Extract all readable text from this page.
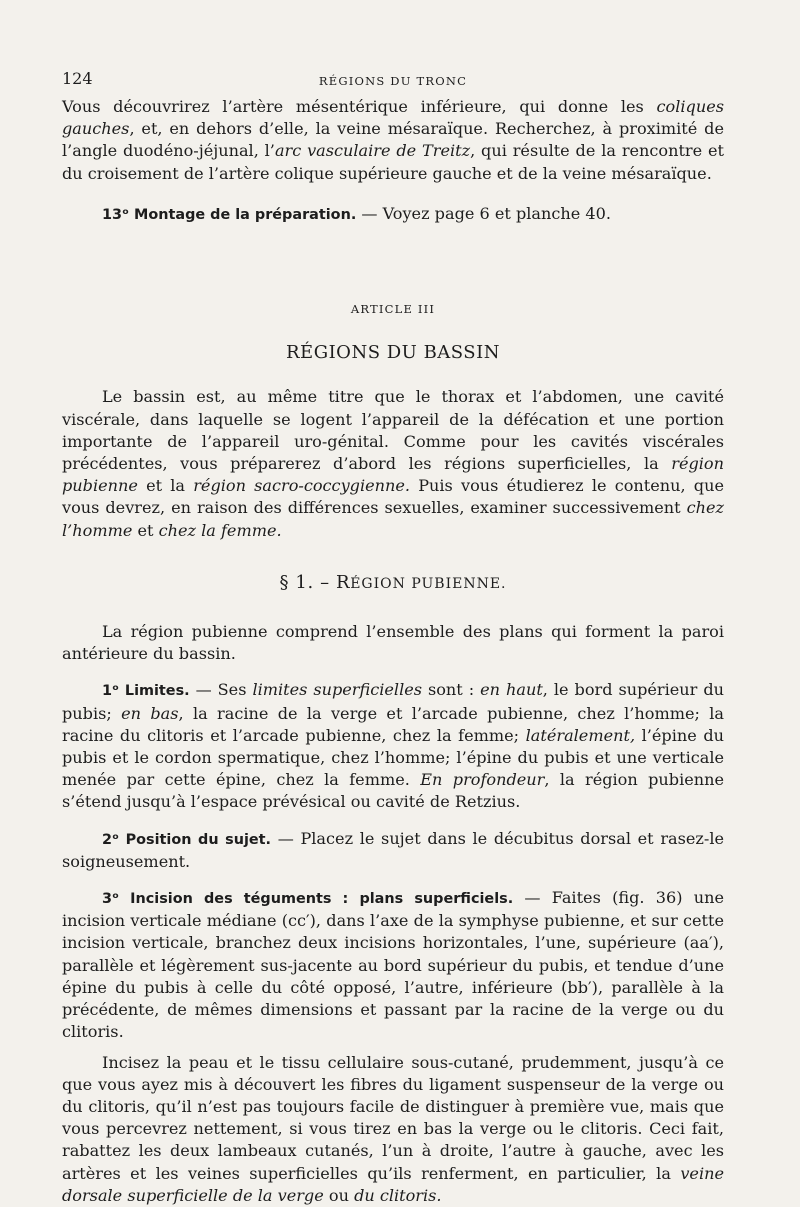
124	RÉGIONS DU TRONC

Vous découvrirez l’artère mésentérique inférieure, qui donne les coliques gauches, et, en dehors d’elle, la veine mésaraïque. Recherchez, à proximité de l’angle duodéno-jéjunal, l’arc vasculaire de Treitz, qui résulte de la rencontre et du croisement de l’artère colique supérieure gauche et de la veine mésaraïque.

13ᵒ Montage de la préparation. — Voyez page 6 et planche 40.

ARTICLE III
RÉGIONS DU BASSIN

Le bassin est, au même titre que le thorax et l’abdomen, une cavité viscérale, dans laquelle se logent l’appareil de la défécation et une portion importante de l’appareil uro-génital. Comme pour les cavités viscérales précédentes, vous préparerez d’abord les régions superficielles, la région pubienne et la région sacro-coccygienne. Puis vous étudierez le contenu, que vous devrez, en raison des différences sexuelles, examiner successivement chez l’homme et chez la femme.

§ 1. – RÉGION PUBIENNE.

La région pubienne comprend l’ensemble des plans qui forment la paroi antérieure du bassin.

1ᵒ Limites. — Ses limites superficielles sont : en haut, le bord supérieur du pubis; en bas, la racine de la verge et l’arcade pubienne, chez l’homme; la racine du clitoris et l’arcade pubienne, chez la femme; latéralement, l’épine du pubis et le cordon spermatique, chez l’homme; l’épine du pubis et une verticale menée par cette épine, chez la femme. En profondeur, la région pubienne s’étend jusqu’à l’espace prévésical ou cavité de Retzius.

2ᵒ Position du sujet. — Placez le sujet dans le décubitus dorsal et rasez-le soigneusement.

3ᵒ Incision des téguments : plans superficiels. — Faites (fig. 36) une incision verticale médiane (cc′), dans l’axe de la symphyse pubienne, et sur cette incision verticale, branchez deux incisions horizontales, l’une, supérieure (aa′), parallèle et légèrement sus-jacente au bord supérieur du pubis, et tendue d’une épine du pubis à celle du côté opposé, l’autre, inférieure (bb′), parallèle à la précédente, de mêmes dimensions et passant par la racine de la verge ou du clitoris.

Incisez la peau et le tissu cellulaire sous-cutané, prudemment, jusqu’à ce que vous ayez mis à découvert les fibres du ligament suspenseur de la verge ou du clitoris, qu’il n’est pas toujours facile de distinguer à première vue, mais que vous percevrez nettement, si vous tirez en bas la verge ou le clitoris. Ceci fait, rabattez les deux lambeaux cutanés, l’un à droite, l’autre à gauche, avec les artères et les veines superficielles qu’ils renferment, en particulier, la veine dorsale superficielle de la verge ou du clitoris.
